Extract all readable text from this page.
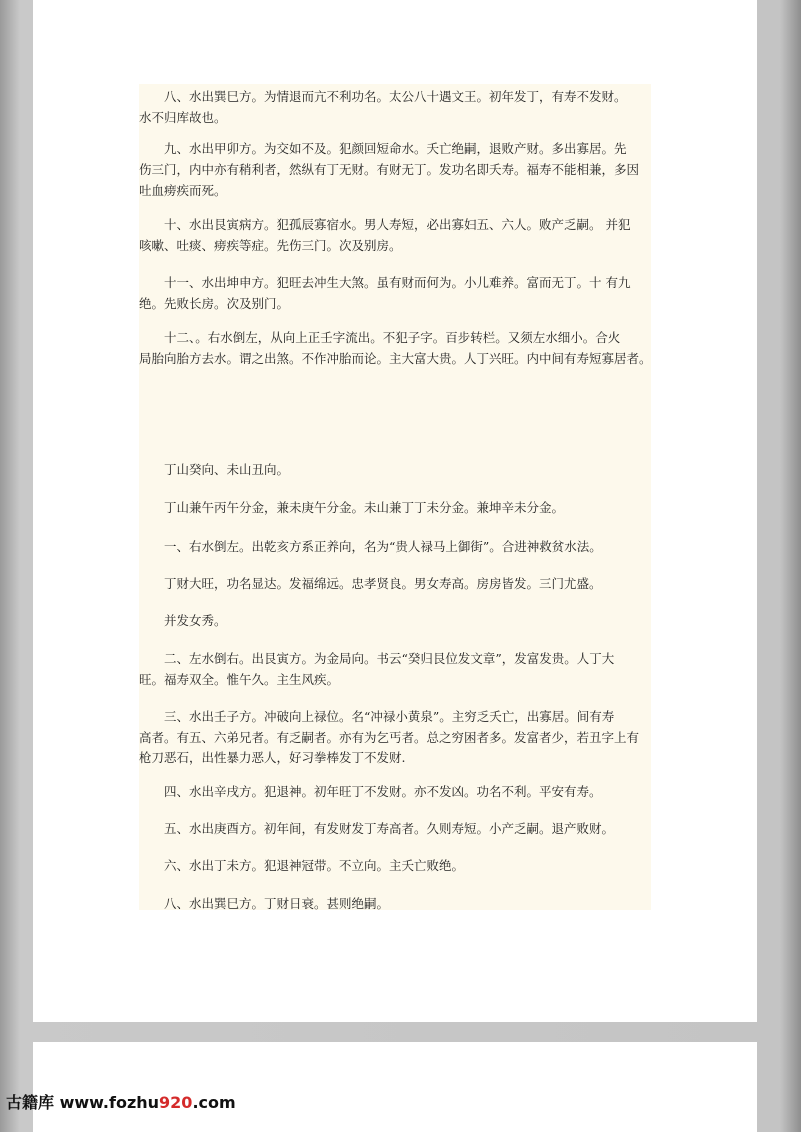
　　八、水出巽巳方。为情退而亢不利功名。太公八十遇文王。初年发丁，有寿不发财。

水不归库故也。

　　九、水出甲卯方。为交如不及。犯颜回短命水。夭亡绝嗣，退败产财。多出寡居。先

伤三门，内中亦有稍利者，然纵有丁无财。有财无丁。发功名即夭寿。福寿不能相兼，多因

吐血痨疾而死。

　　十、水出艮寅病方。犯孤辰寡宿水。男人寿短，必出寡妇五、六人。败产乏嗣。 并犯

咳嗽、吐痰、痨疾等症。先伤三门。次及别房。

　　十一、水出坤申方。犯旺去冲生大煞。虽有财而何为。小儿难养。富而无丁。十 有九

绝。先败长房。次及别门。

　　十二、。右水倒左，从向上正壬字流出。不犯子字。百步转栏。又须左水细小。合火

局胎向胎方去水。谓之出煞。不作冲胎而论。主大富大贵。人丁兴旺。内中间有寿短寡居者。

　　丁山癸向、未山丑向。

　　丁山兼午丙午分金，兼未庚午分金。未山兼丁丁未分金。兼坤辛未分金。

　　一、右水倒左。出乾亥方系正养向，名为“贵人禄马上御街”。合进神救贫水法。

　　丁财大旺，功名显达。发福绵远。忠孝贤良。男女寿高。房房皆发。三门尤盛。

　　并发女秀。

　　二、左水倒右。出艮寅方。为金局向。书云“癸归艮位发文章”，发富发贵。人丁大

旺。福寿双全。惟午久。主生风疾。

　　三、水出壬子方。冲破向上禄位。名“冲禄小黄泉”。主穷乏夭亡，出寡居。间有寿

高者。有五、六弟兄者。有乏嗣者。亦有为乞丐者。总之穷困者多。发富者少，若丑字上有

枪刀恶石，出性暴力恶人，好习拳棒发丁不发财.

　　四、水出辛戌方。犯退神。初年旺丁不发财。亦不发凶。功名不利。平安有寿。

　　五、水出庚酉方。初年间，有发财发丁寿高者。久则寿短。小产乏嗣。退产败财。

　　六、水出丁未方。犯退神冠带。不立向。主夭亡败绝。

　　八、水出巽巳方。丁财日衰。甚则绝嗣。

古籍库 www.fozhu920.com
